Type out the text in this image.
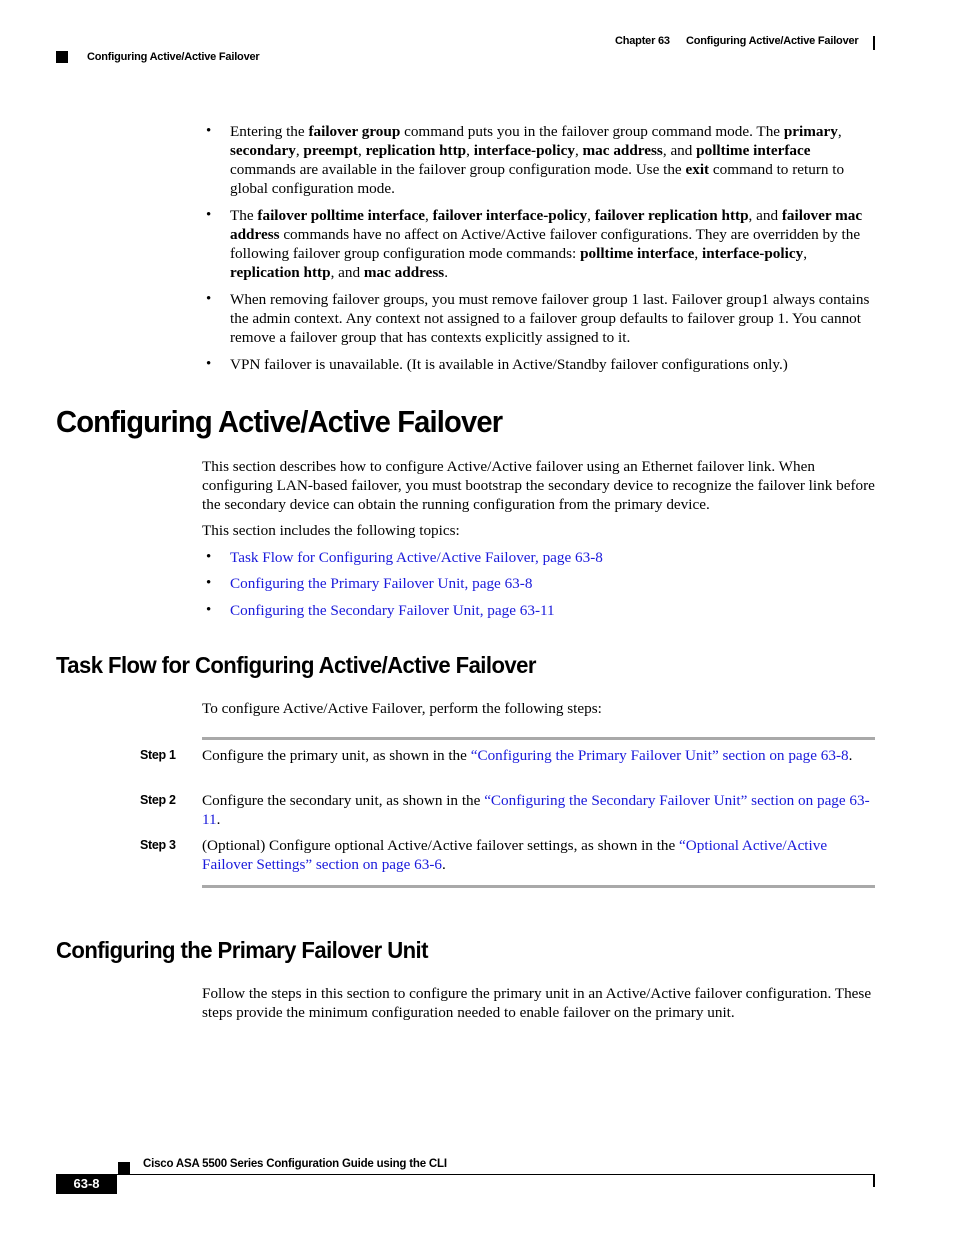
Chapter 63 Configuring Active/Active Failover
Configuring Active/Active Failover
• Entering the failover group command puts you in the failover group command mode. The primary, secondary, preempt, replication http, interface-policy, mac address, and polltime interface commands are available in the failover group configuration mode. Use the exit command to return to global configuration mode.
• The failover polltime interface, failover interface-policy, failover replication http, and failover mac address commands have no affect on Active/Active failover configurations. They are overridden by the following failover group configuration mode commands: polltime interface, interface-policy, replication http, and mac address.
• When removing failover groups, you must remove failover group 1 last. Failover group1 always contains the admin context. Any context not assigned to a failover group defaults to failover group 1. You cannot remove a failover group that has contexts explicitly assigned to it.
• VPN failover is unavailable. (It is available in Active/Standby failover configurations only.)
Configuring Active/Active Failover
This section describes how to configure Active/Active failover using an Ethernet failover link. When configuring LAN-based failover, you must bootstrap the secondary device to recognize the failover link before the secondary device can obtain the running configuration from the primary device.
This section includes the following topics:
• Task Flow for Configuring Active/Active Failover, page 63-8
• Configuring the Primary Failover Unit, page 63-8
• Configuring the Secondary Failover Unit, page 63-11
Task Flow for Configuring Active/Active Failover
To configure Active/Active Failover, perform the following steps:
Step 1 Configure the primary unit, as shown in the “Configuring the Primary Failover Unit” section on page 63-8.
Step 2 Configure the secondary unit, as shown in the “Configuring the Secondary Failover Unit” section on page 63-11.
Step 3 (Optional) Configure optional Active/Active failover settings, as shown in the “Optional Active/Active Failover Settings” section on page 63-6.
Configuring the Primary Failover Unit
Follow the steps in this section to configure the primary unit in an Active/Active failover configuration. These steps provide the minimum configuration needed to enable failover on the primary unit.
Cisco ASA 5500 Series Configuration Guide using the CLI
63-8
